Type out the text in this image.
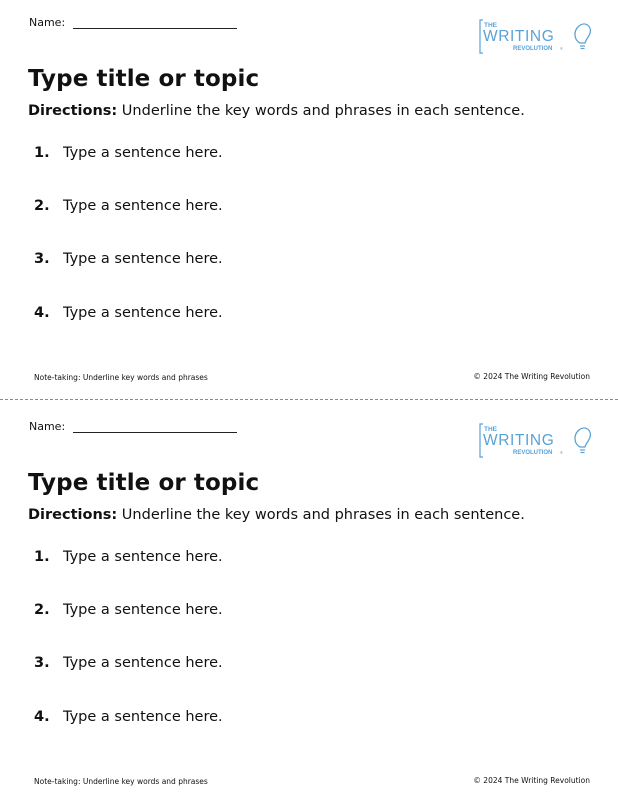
Name:	THE
WRITING
REVOLUTION ®
Type title or topic
Directions: Underline the key words and phrases in each sentence.
1. Type a sentence here.
2. Type a sentence here.
3. Type a sentence here.
4. Type a sentence here.
Note-taking: Underline key words and phrases	© 2024 The Writing Revolution
Name:	THE
WRITING
REVOLUTION ®
Type title or topic
Directions: Underline the key words and phrases in each sentence.
1. Type a sentence here.
2. Type a sentence here.
3. Type a sentence here.
4. Type a sentence here.
Note-taking: Underline key words and phrases	© 2024 The Writing Revolution
